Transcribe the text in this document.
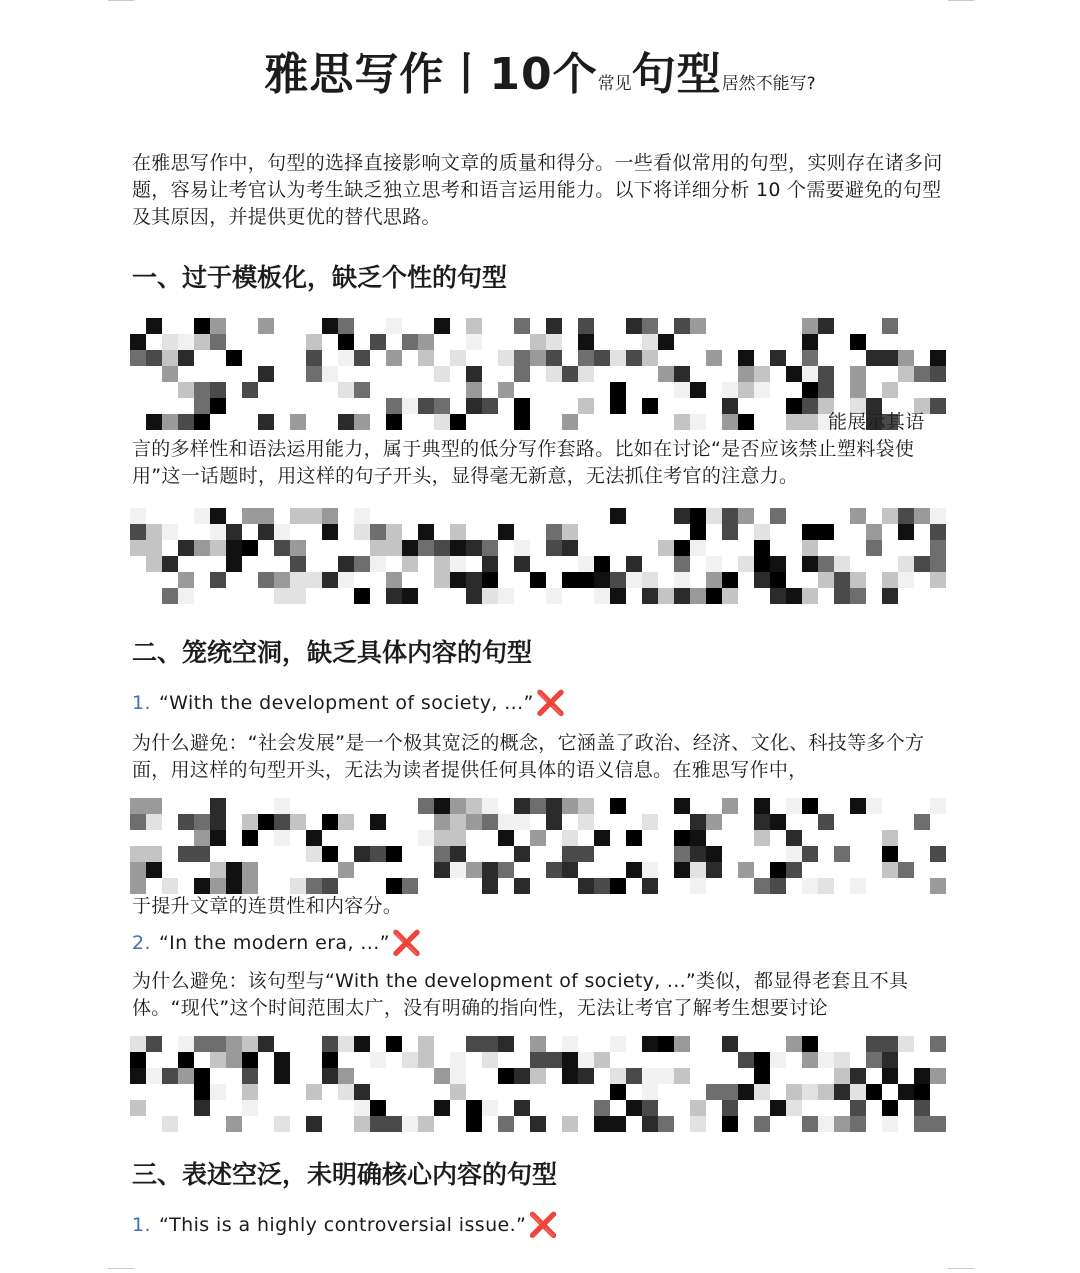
雅思写作丨10个常见句型居然不能写?

在雅思写作中，句型的选择直接影响文章的质量和得分。一些看似常用的句型，实则存在诸多问题，容易让考官认为考生缺乏独立思考和语言运用能力。以下将详细分析 10 个需要避免的句型及其原因，并提供更优的替代思路。

一、过于模板化，缺乏个性的句型
能展示其语

言的多样性和语法运用能力，属于典型的低分写作套路。比如在讨论“是否应该禁止塑料袋使用”这一话题时，用这样的句子开头，显得毫无新意，无法抓住考官的注意力。

二、笼统空洞，缺乏具体内容的句型
1. “With the development of society, ...”❌

为什么避免：“社会发展”是一个极其宽泛的概念，它涵盖了政治、经济、文化、科技等多个方面，用这样的句型开头，无法为读者提供任何具体的语义信息。在雅思写作中，

于提升文章的连贯性和内容分。
2. “In the modern era, ...”❌

为什么避免：该句型与“With the development of society, ...”类似，都显得老套且不具体。“现代”这个时间范围太广，没有明确的指向性，无法让考官了解考生想要讨论

三、表述空泛，未明确核心内容的句型
1. “This is a highly controversial issue.”❌
